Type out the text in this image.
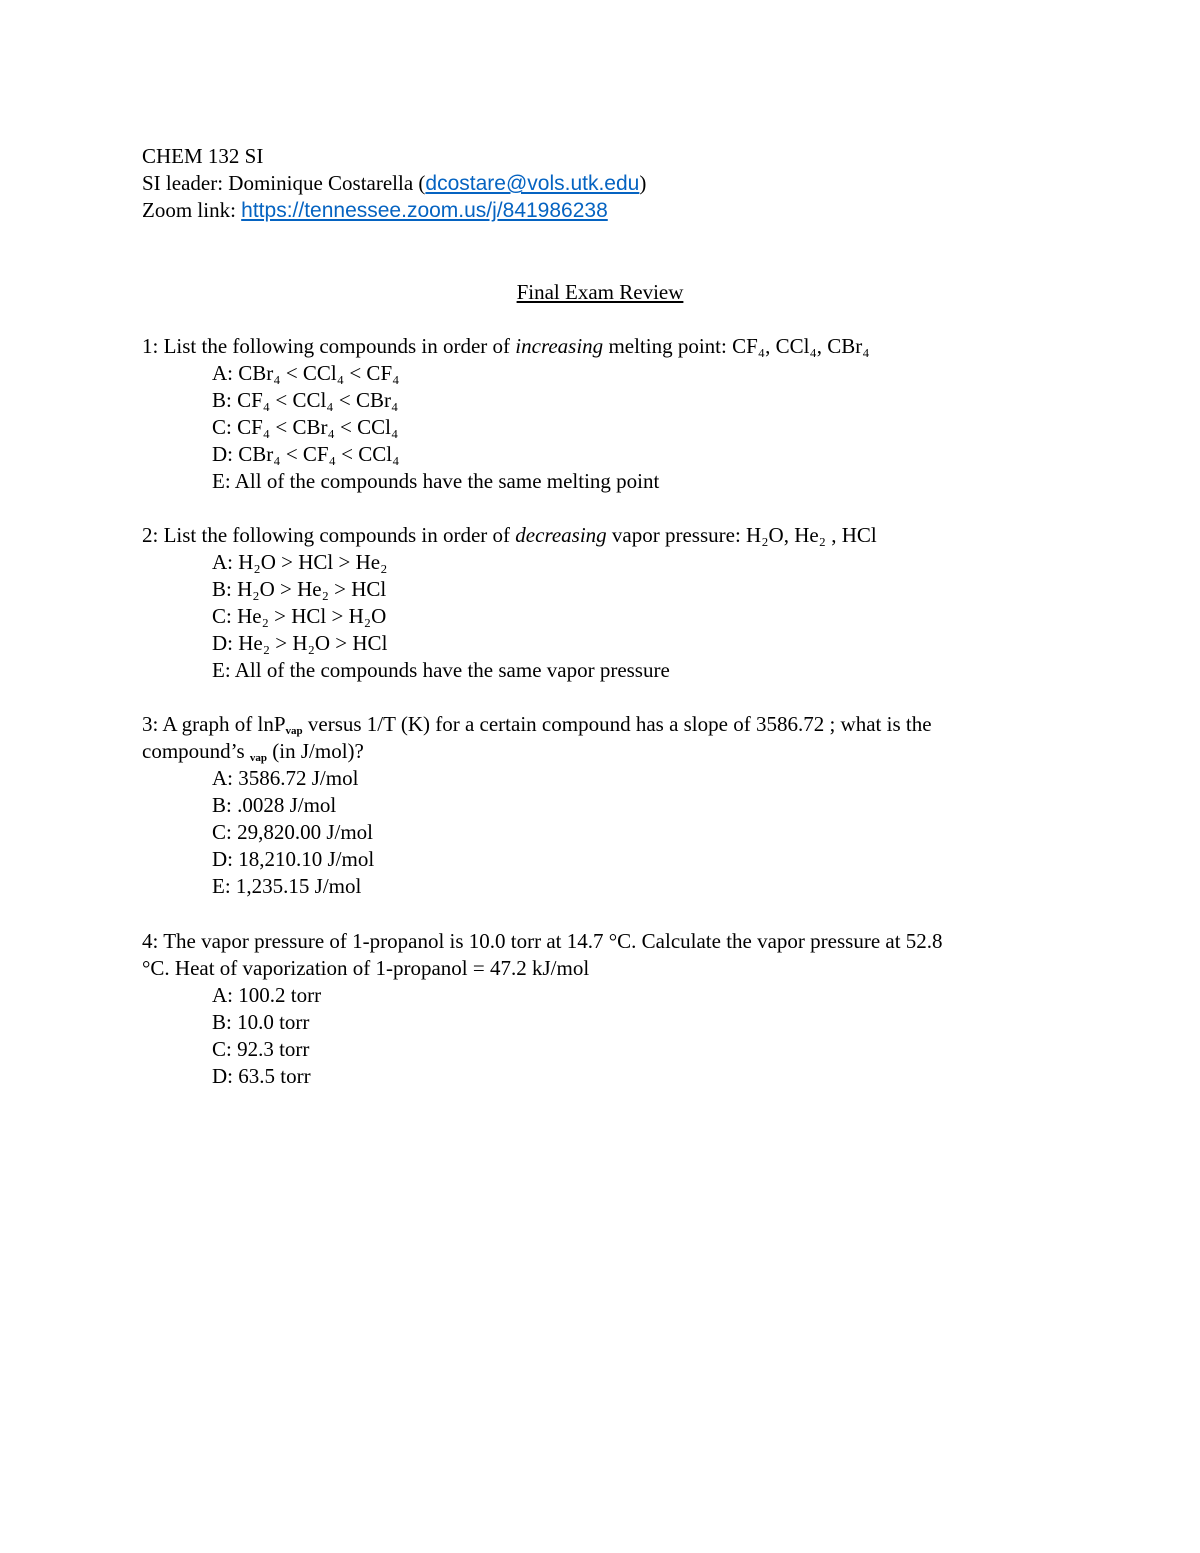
CHEM 132 SI
SI leader: Dominique Costarella (dcostare@vols.utk.edu)
Zoom link: https://tennessee.zoom.us/j/841986238
Final Exam Review
1: List the following compounds in order of increasing melting point: CF₄, CCl₄, CBr₄
A: CBr₄ < CCl₄ < CF₄
B: CF₄ < CCl₄ < CBr₄
C: CF₄ < CBr₄ < CCl₄
D: CBr₄ < CF₄ < CCl₄
E: All of the compounds have the same melting point
2: List the following compounds in order of decreasing vapor pressure: H₂O, He₂ , HCl
A: H₂O > HCl > He₂
B: H₂O > He₂ > HCl
C: He₂ > HCl > H₂O
D: He₂ > H₂O > HCl
E: All of the compounds have the same vapor pressure
3: A graph of lnP$_{vap}$ versus 1/T (K) for a certain compound has a slope of 3586.72 ; what is the
compound’s $_{vap}$ (in J/mol)?
A: 3586.72 J/mol
B: .0028 J/mol
C: 29,820.00 J/mol
D: 18,210.10 J/mol
E: 1,235.15 J/mol
4: The vapor pressure of 1-propanol is 10.0 torr at 14.7 °C. Calculate the vapor pressure at 52.8
°C. Heat of vaporization of 1-propanol = 47.2 kJ/mol
A: 100.2 torr
B: 10.0 torr
C: 92.3 torr
D: 63.5 torr
